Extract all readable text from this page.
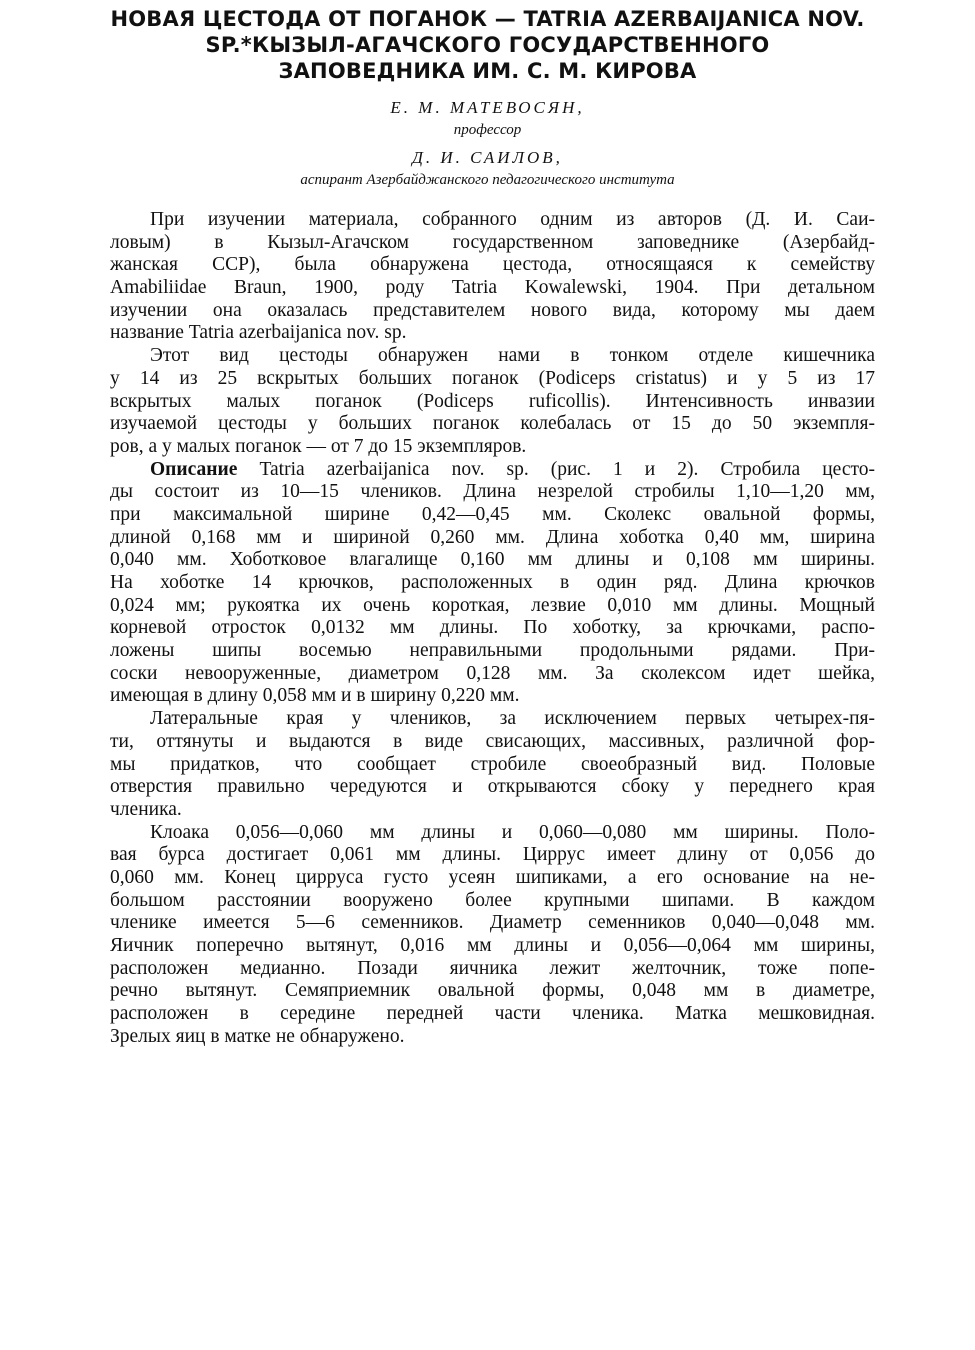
НОВАЯ ЦЕСТОДА ОТ ПОГАНОК — TATRIA AZERBAIJANICA NOV.
SP.*КЫЗЫЛ-АГАЧСКОГО ГОСУДАРСТВЕННОГО
ЗАПОВЕДНИКА ИМ. С. М. КИРОВА
Е. М. МАТЕВОСЯН,
профессор
Д. И. САИЛОВ,
аспирант Азербайджанского педагогического института
При изучении материала, собранного одним из авторов (Д. И. Саи-
ловым) в Кызыл-Агачском государственном заповеднике (Азербайд-
жанская ССР), была обнаружена цестода, относящаяся к семейству
Amabiliidae Braun, 1900, роду Tatria Kowalewski, 1904. При детальном
изучении она оказалась представителем нового вида, которому мы даем
название Tatria azerbaijanica nov. sp.
Этот вид цестоды обнаружен нами в тонком отделе кишечника
у 14 из 25 вскрытых больших поганок (Podiceps cristatus) и у 5 из 17
вскрытых малых поганок (Podiceps ruficollis). Интенсивность инвазии
изучаемой цестоды у больших поганок колебалась от 15 до 50 экземпля-
ров, а у малых поганок — от 7 до 15 экземпляров.
Описание Tatria azerbaijanica nov. sp. (рис. 1 и 2). Стробила цесто-
ды состоит из 10—15 члеников. Длина незрелой стробилы 1,10—1,20 мм,
при максимальной ширине 0,42—0,45 мм. Сколекс овальной формы,
длиной 0,168 мм и шириной 0,260 мм. Длина хоботка 0,40 мм, ширина
0,040 мм. Хоботковое влагалище 0,160 мм длины и 0,108 мм ширины.
На хоботке 14 крючков, расположенных в один ряд. Длина крючков
0,024 мм; рукоятка их очень короткая, лезвие 0,010 мм длины. Мощный
корневой отросток 0,0132 мм длины. По хоботку, за крючками, распо-
ложены шипы восемью неправильными продольными рядами. При-
соски невооруженные, диаметром 0,128 мм. За сколексом идет шейка,
имеющая в длину 0,058 мм и в ширину 0,220 мм.
Латеральные края у члеников, за исключением первых четырех-пя-
ти, оттянуты и выдаются в виде свисающих, массивных, различной фор-
мы придатков, что сообщает стробиле своеобразный вид. Половые
отверстия правильно чередуются и открываются сбоку у переднего края
членика.
Клоака 0,056—0,060 мм длины и 0,060—0,080 мм ширины. Поло-
вая бурса достигает 0,061 мм длины. Циррус имеет длину от 0,056 до
0,060 мм. Конец цирруса густо усеян шипиками, а его основание на не-
большом расстоянии вооружено более крупными шипами. В каждом
членике имеется 5—6 семенников. Диаметр семенников 0,040—0,048 мм.
Яичник поперечно вытянут, 0,016 мм длины и 0,056—0,064 мм ширины,
расположен медианно. Позади яичника лежит желточник, тоже попе-
речно вытянут. Семяприемник овальной формы, 0,048 мм в диаметре,
расположен в середине передней части членика. Матка мешковидная.
Зрелых яиц в матке не обнаружено.
